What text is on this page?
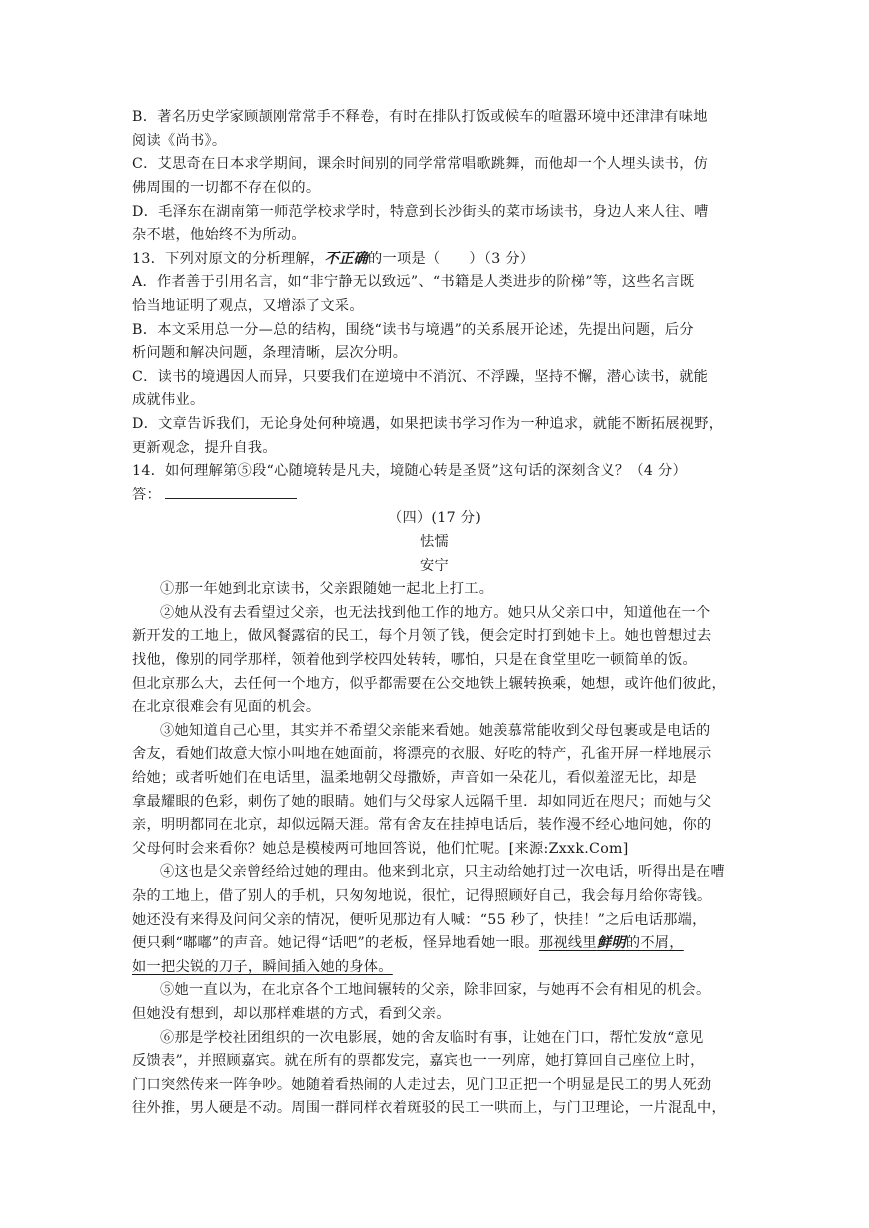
B．著名历史学家顾颉刚常常手不释卷，有时在排队打饭或候车的喧嚣环境中还津津有味地
阅读《尚书》。
C．艾思奇在日本求学期间，课余时间别的同学常常唱歌跳舞，而他却一个人埋头读书，仿
佛周围的一切都不存在似的。
D．毛泽东在湖南第一师范学校求学时，特意到长沙街头的菜市场读书，身边人来人往、嘈
杂不堪，他始终不为所动。
13．下列对原文的分析理解，不正确的一项是（　　）（3 分）
A．作者善于引用名言，如“非宁静无以致远”、“书籍是人类进步的阶梯”等，这些名言既
恰当地证明了观点，又增添了文采。
B．本文采用总一分—总的结构，围绕“读书与境遇”的关系展开论述，先提出问题，后分
析问题和解决问题，条理清晰，层次分明。
C．读书的境遇因人而异，只要我们在逆境中不消沉、不浮躁，坚持不懈，潜心读书，就能
成就伟业。
D．文章告诉我们，无论身处何种境遇，如果把读书学习作为一种追求，就能不断拓展视野，
更新观念，提升自我。
14．如何理解第⑤段“心随境转是凡夫，境随心转是圣贤”这句话的深刻含义？（4 分）
答：
（四）(17 分)
怯懦
安宁
①那一年她到北京读书，父亲跟随她一起北上打工。
②她从没有去看望过父亲，也无法找到他工作的地方。她只从父亲口中，知道他在一个
新开发的工地上，做风餐露宿的民工，每个月领了钱，便会定时打到她卡上。她也曾想过去
找他，像别的同学那样，领着他到学校四处转转，哪怕，只是在食堂里吃一顿简单的饭。
但北京那么大，去任何一个地方，似乎都需要在公交地铁上辗转换乘，她想，或许他们彼此，
在北京很难会有见面的机会。
③她知道自己心里，其实并不希望父亲能来看她。她羡慕常能收到父母包裹或是电话的
舍友，看她们故意大惊小叫地在她面前，将漂亮的衣服、好吃的特产，孔雀开屏一样地展示
给她；或者听她们在电话里，温柔地朝父母撒娇，声音如一朵花儿，看似羞涩无比，却是
拿最耀眼的色彩，刺伤了她的眼睛。她们与父母家人远隔千里．却如同近在咫尺；而她与父
亲，明明都同在北京，却似远隔天涯。常有舍友在挂掉电话后，装作漫不经心地问她，你的
父母何时会来看你？她总是模棱两可地回答说，他们忙呢。[来源:Zxxk.Com]
④这也是父亲曾经给过她的理由。他来到北京，只主动给她打过一次电话，听得出是在嘈
杂的工地上，借了别人的手机，只匆匆地说，很忙，记得照顾好自己，我会每月给你寄钱。
她还没有来得及问问父亲的情况，便听见那边有人喊：“55 秒了，快挂！”之后电话那端，
便只剩“嘟嘟”的声音。她记得“话吧”的老板，怪异地看她一眼。那视线里鲜明的不屑，
如一把尖锐的刀子，瞬间插入她的身体。
⑤她一直以为，在北京各个工地间辗转的父亲，除非回家，与她再不会有相见的机会。
但她没有想到，却以那样难堪的方式，看到父亲。
⑥那是学校社团组织的一次电影展，她的舍友临时有事，让她在门口，帮忙发放“意见
反馈表”，并照顾嘉宾。就在所有的票都发完，嘉宾也一一列席，她打算回自己座位上时，
门口突然传来一阵争吵。她随着看热闹的人走过去，见门卫正把一个明显是民工的男人死劲
往外推，男人硬是不动。周围一群同样衣着斑驳的民工一哄而上，与门卫理论，一片混乱中，
